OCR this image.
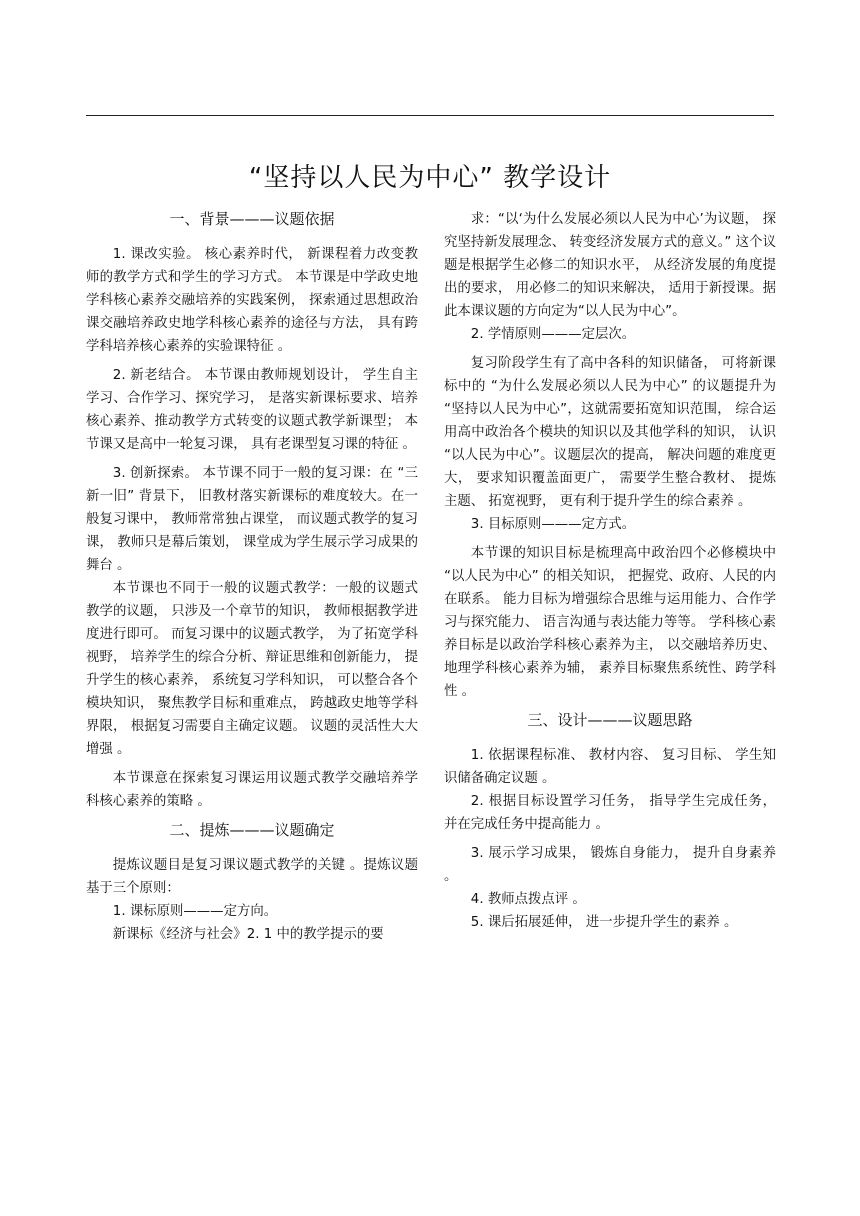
“坚持以人民为中心” 教学设计

一、背景———议题依据

1. 课改实验。 核心素养时代， 新课程着力改变教师的教学方式和学生的学习方式。 本节课是中学政史地学科核心素养交融培养的实践案例， 探索通过思想政治课交融培养政史地学科核心素养的途径与方法， 具有跨学科培养核心素养的实验课特征 。

2. 新老结合。 本节课由教师规划设计， 学生自主学习、合作学习、探究学习， 是落实新课标要求、培养核心素养、推动教学方式转变的议题式教学新课型； 本节课又是高中一轮复习课， 具有老课型复习课的特征 。

3. 创新探索。 本节课不同于一般的复习课：在 “三新一旧” 背景下， 旧教材落实新课标的难度较大。在一般复习课中， 教师常常独占课堂， 而议题式教学的复习课， 教师只是幕后策划， 课堂成为学生展示学习成果的舞台 。

本节课也不同于一般的议题式教学：一般的议题式教学的议题， 只涉及一个章节的知识， 教师根据教学进度进行即可。 而复习课中的议题式教学， 为了拓宽学科视野， 培养学生的综合分析、辩证思维和创新能力， 提升学生的核心素养， 系统复习学科知识， 可以整合各个模块知识， 聚焦教学目标和重难点， 跨越政史地等学科界限， 根据复习需要自主确定议题。 议题的灵活性大大增强 。

本节课意在探索复习课运用议题式教学交融培养学科核心素养的策略 。

二、提炼———议题确定

提炼议题目是复习课议题式教学的关键 。提炼议题基于三个原则：

1. 课标原则———定方向。

新课标《经济与社会》2. 1 中的教学提示的要

求：“以‘为什么发展必须以人民为中心’为议题， 探究坚持新发展理念、 转变经济发展方式的意义。” 这个议题是根据学生必修二的知识水平， 从经济发展的角度提出的要求， 用必修二的知识来解决， 适用于新授课。据此本课议题的方向定为“以人民为中心”。

2. 学情原则———定层次。

复习阶段学生有了高中各科的知识储备， 可将新课标中的 “为什么发展必须以人民为中心” 的议题提升为 “坚持以人民为中心”，这就需要拓宽知识范围， 综合运用高中政治各个模块的知识以及其他学科的知识， 认识 “以人民为中心”。议题层次的提高， 解决问题的难度更大， 要求知识覆盖面更广， 需要学生整合教材、 提炼主题、 拓宽视野， 更有利于提升学生的综合素养 。

3. 目标原则———定方式。

本节课的知识目标是梳理高中政治四个必修模块中 “以人民为中心” 的相关知识， 把握党、政府、人民的内在联系。 能力目标为增强综合思维与运用能力、合作学习与探究能力、 语言沟通与表达能力等等。 学科核心素养目标是以政治学科核心素养为主， 以交融培养历史、 地理学科核心素养为辅， 素养目标聚焦系统性、跨学科性 。

三、设计———议题思路

1. 依据课程标准、 教材内容、 复习目标、 学生知识储备确定议题 。

2. 根据目标设置学习任务， 指导学生完成任务， 并在完成任务中提高能力 。

3. 展示学习成果， 锻炼自身能力， 提升自身素养 。

4. 教师点拨点评 。

5. 课后拓展延伸， 进一步提升学生的素养 。
